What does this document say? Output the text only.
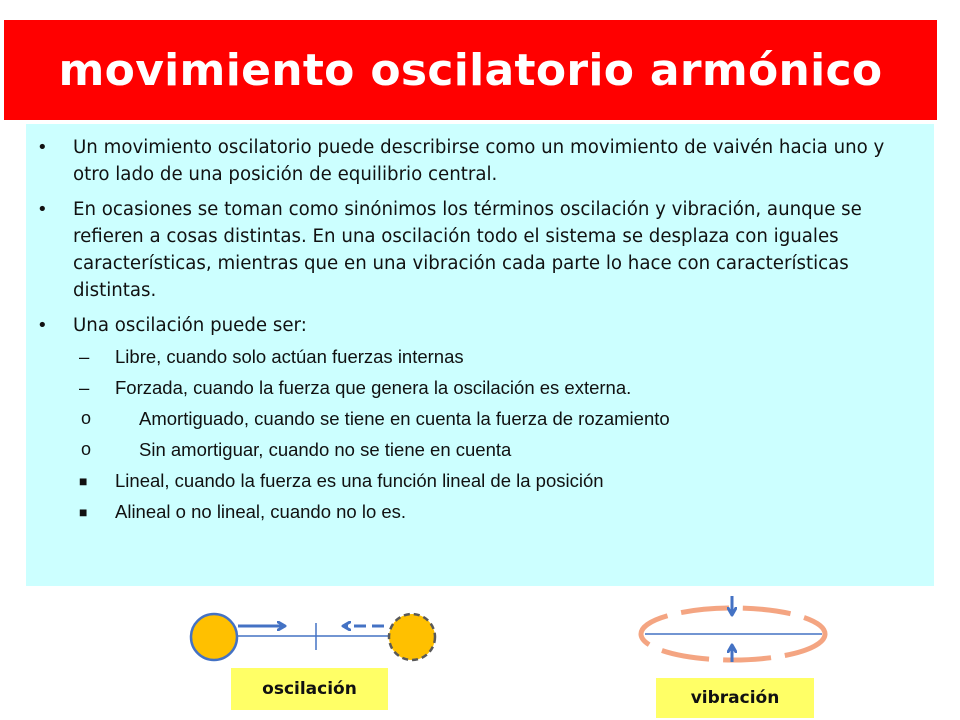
movimiento oscilatorio armónico
• Un movimiento oscilatorio puede describirse como un movimiento de vaivén hacia uno y otro lado de una posición de equilibrio central.
• En ocasiones se toman como sinónimos los términos oscilación y vibración, aunque se refieren a cosas distintas. En una oscilación todo el sistema se desplaza con iguales características, mientras que en una vibración cada parte lo hace con características distintas.
• Una oscilación puede ser:
– Libre, cuando solo actúan fuerzas internas
– Forzada, cuando la fuerza que genera la oscilación es externa.
o	Amortiguado, cuando se tiene en cuenta la fuerza de rozamiento
o	Sin amortiguar, cuando no se tiene en cuenta
■ Lineal, cuando la fuerza es una función lineal de la posición
■ Alineal o no lineal, cuando no lo es.
oscilación	vibración
